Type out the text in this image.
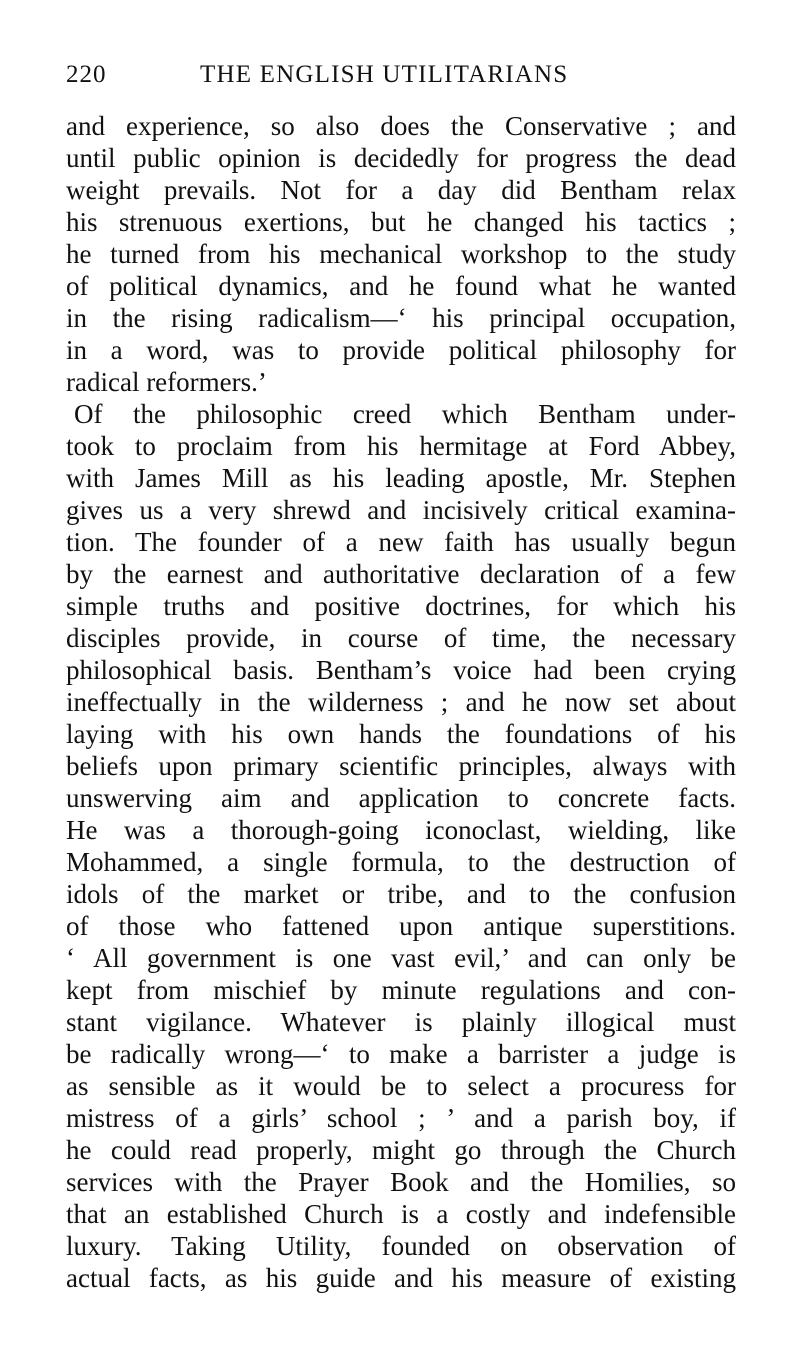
220	THE ENGLISH UTILITARIANS
and experience, so also does the Conservative ; and
until public opinion is decidedly for progress the dead
weight prevails. Not for a day did Bentham relax
his strenuous exertions, but he changed his tactics ;
he turned from his mechanical workshop to the study
of political dynamics, and he found what he wanted
in the rising radicalism—‘ his principal occupation,
in a word, was to provide political philosophy for
radical reformers.’
Of the philosophic creed which Bentham under-
took to proclaim from his hermitage at Ford Abbey,
with James Mill as his leading apostle, Mr. Stephen
gives us a very shrewd and incisively critical examina-
tion. The founder of a new faith has usually begun
by the earnest and authoritative declaration of a few
simple truths and positive doctrines, for which his
disciples provide, in course of time, the necessary
philosophical basis. Bentham’s voice had been crying
ineffectually in the wilderness ; and he now set about
laying with his own hands the foundations of his
beliefs upon primary scientific principles, always with
unswerving aim and application to concrete facts.
He was a thorough-going iconoclast, wielding, like
Mohammed, a single formula, to the destruction of
idols of the market or tribe, and to the confusion
of those who fattened upon antique superstitions.
‘ All government is one vast evil,’ and can only be
kept from mischief by minute regulations and con-
stant vigilance. Whatever is plainly illogical must
be radically wrong—‘ to make a barrister a judge is
as sensible as it would be to select a procuress for
mistress of a girls’ school ; ’ and a parish boy, if
he could read properly, might go through the Church
services with the Prayer Book and the Homilies, so
that an established Church is a costly and indefensible
luxury. Taking Utility, founded on observation of
actual facts, as his guide and his measure of existing
